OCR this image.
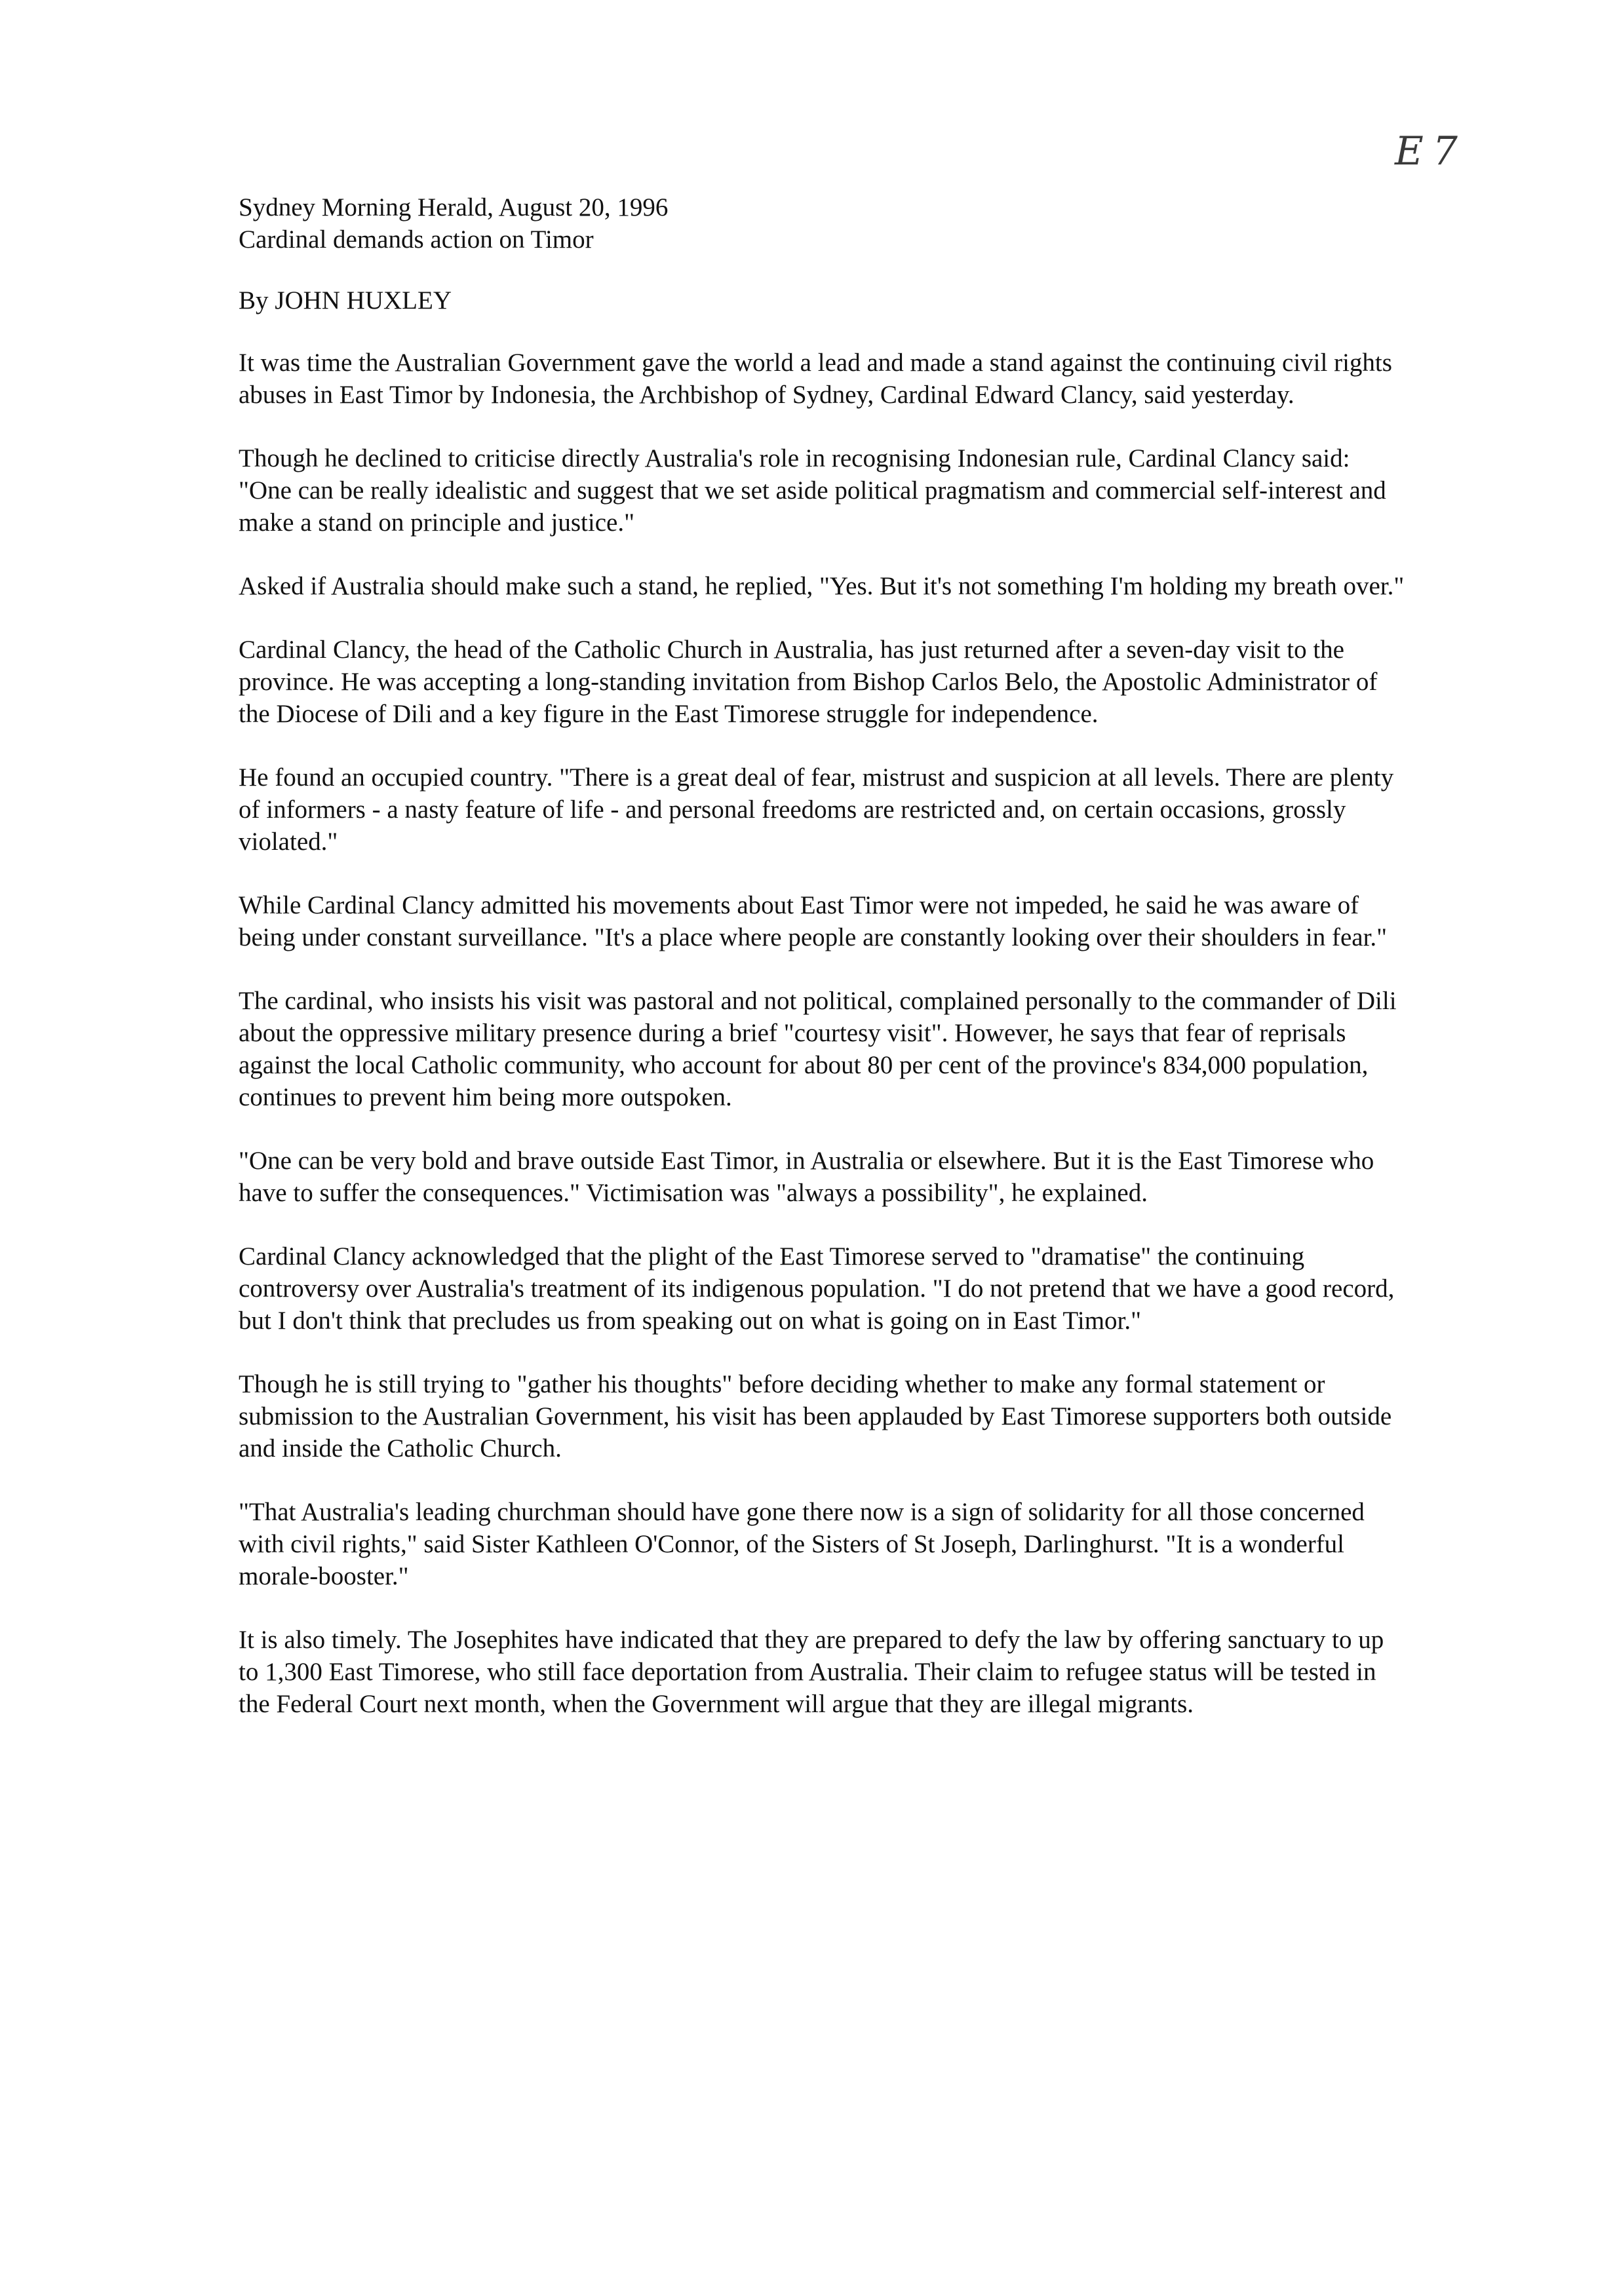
E7
Sydney Morning Herald, August 20, 1996
Cardinal demands action on Timor
By JOHN HUXLEY

It was time the Australian Government gave the world a lead and made a stand against the continuing civil rights abuses in East Timor by Indonesia, the Archbishop of Sydney, Cardinal Edward Clancy, said yesterday.

Though he declined to criticise directly Australia's role in recognising Indonesian rule, Cardinal Clancy said: "One can be really idealistic and suggest that we set aside political pragmatism and commercial self-interest and make a stand on principle and justice."

Asked if Australia should make such a stand, he replied, "Yes. But it's not something I'm holding my breath over."

Cardinal Clancy, the head of the Catholic Church in Australia, has just returned after a seven-day visit to the province. He was accepting a long-standing invitation from Bishop Carlos Belo, the Apostolic Administrator of the Diocese of Dili and a key figure in the East Timorese struggle for independence.

He found an occupied country. "There is a great deal of fear, mistrust and suspicion at all levels. There are plenty of informers - a nasty feature of life - and personal freedoms are restricted and, on certain occasions, grossly violated."

While Cardinal Clancy admitted his movements about East Timor were not impeded, he said he was aware of being under constant surveillance. "It's a place where people are constantly looking over their shoulders in fear."

The cardinal, who insists his visit was pastoral and not political, complained personally to the commander of Dili about the oppressive military presence during a brief "courtesy visit". However, he says that fear of reprisals against the local Catholic community, who account for about 80 per cent of the province's 834,000 population, continues to prevent him being more outspoken.

"One can be very bold and brave outside East Timor, in Australia or elsewhere. But it is the East Timorese who have to suffer the consequences." Victimisation was "always a possibility", he explained.

Cardinal Clancy acknowledged that the plight of the East Timorese served to "dramatise" the continuing controversy over Australia's treatment of its indigenous population. "I do not pretend that we have a good record, but I don't think that precludes us from speaking out on what is going on in East Timor."

Though he is still trying to "gather his thoughts" before deciding whether to make any formal statement or submission to the Australian Government, his visit has been applauded by East Timorese supporters both outside and inside the Catholic Church.

"That Australia's leading churchman should have gone there now is a sign of solidarity for all those concerned with civil rights," said Sister Kathleen O'Connor, of the Sisters of St Joseph, Darlinghurst. "It is a wonderful morale-booster."

It is also timely. The Josephites have indicated that they are prepared to defy the law by offering sanctuary to up to 1,300 East Timorese, who still face deportation from Australia. Their claim to refugee status will be tested in the Federal Court next month, when the Government will argue that they are illegal migrants.
